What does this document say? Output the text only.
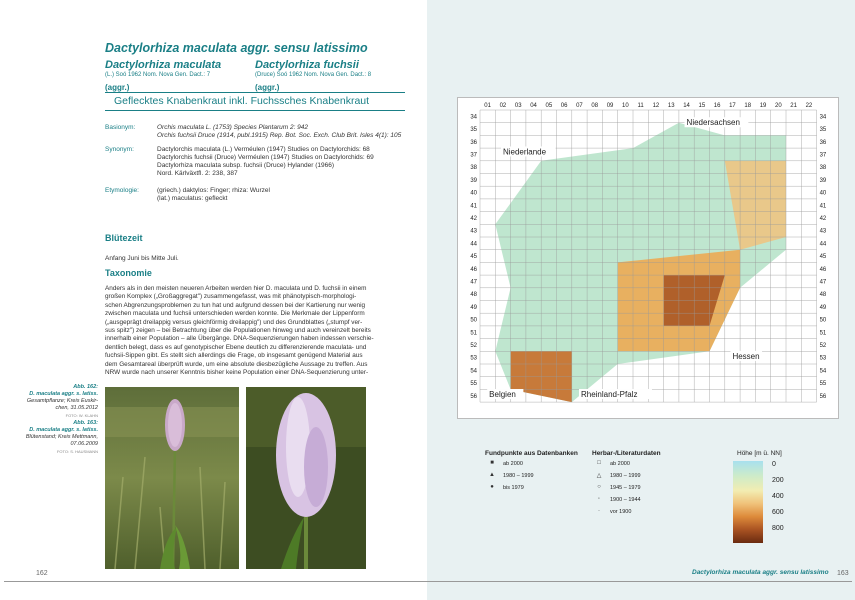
Dactylorhiza maculata aggr. sensu latissimo
Dactylorhiza maculata
(L.) Soó 1962 Nom. Nova Gen. Dact.: 7
(aggr.)
Dactylorhiza fuchsii
(Druce) Soó 1962 Nom. Nova Gen. Dact.: 8
(aggr.)
Geflecktes Knabenkraut inkl. Fuchssches Knabenkraut
Basionym:	Orchis maculata L. (1753) Species Plantarum 2: 942
Orchis fuchsii Druce (1914, publ.1915) Rep. Bot. Soc. Exch. Club Brit. Isles 4(1): 105
Synonym:	Dactylorchis maculata (L.) Verméulen (1947) Studies on Dactylorchids: 68
Dactylorchis fuchsii (Druce) Verméulen (1947) Studies on Dactylorchids: 69
Dactylorhiza maculata subsp. fuchsii (Druce) Hylander (1966)
Nord. Kärlväxtfl. 2: 238, 387
Etymologie:	(griech.) daktylos: Finger; rhiza: Wurzel
(lat.) maculatus: gefleckt
Blütezeit
Anfang Juni bis Mitte Juli.
Taxonomie
Anders als in den meisten neueren Arbeiten werden hier D. maculata und D. fuchsii in einem
großen Komplex („Großaggregat") zusammengefasst, was mit phänotypisch-morphologi-
schen Abgrenzungsproblemen zu tun hat und aufgrund dessen bei der Kartierung nur wenig
zwischen maculata und fuchsii unterschieden werden konnte. Die Merkmale der Lippenform
(„ausgeprägt dreilappig versus gleichförmig dreilappig") und des Grundblattes („stumpf ver-
sus spitz") zeigen – bei Betrachtung über die Populationen hinweg und auch vereinzelt bereits
innerhalb einer Population – alle Übergänge. DNA-Sequenzierungen haben indessen verschie-
dentlich belegt, dass es auf genotypischer Ebene deutlich zu differenzierende maculata- und
fuchsii-Sippen gibt. Es stellt sich allerdings die Frage, ob insgesamt genügend Material aus
dem Gesamtareal überprüft wurde, um eine absolute diesbezügliche Aussage zu treffen. Aus
NRW wurde nach unserer Kenntnis bisher keine Population einer DNA-Sequenzierung unter-
Abb. 162:
D. maculata aggr. s. latiss.
Gesamtpflanze; Kreis Euskir-
chen, 31.05.2012
FOTO: W. KLAHN
Abb. 163:
D. maculata aggr. s. latiss.
Blütenstand; Kreis Mettmann,
07.06.2009
FOTO: S. HAUSMANN
162
01 02 03 04 05 06 07 08 09 10 11 12 13 14 15 16 17 18 19 20 21 22
34	34
35	35
36	36
37	37
38	38
39	39
40	40
41	41
42	42
43	43
44	44
45	45
46	46
47	47
48	48
49	49
50	50
51	51
52	52
53	53
54	54
55	55
56	56
Niedersachsen
Niederlande
Hessen
Belgien	Rheinland-Pfalz
Fundpunkte aus Datenbanken
■	ab 2000
▲	1980 – 1999
●	bis 1979
Herbar-/Literaturdaten
□	ab 2000
△	1980 – 1999
○	1945 – 1979
◦	1900 – 1944
·	vor 1900
Höhe [m ü. NN]
0
200
400
600
800
Dactylorhiza maculata aggr. sensu latissimo 163
